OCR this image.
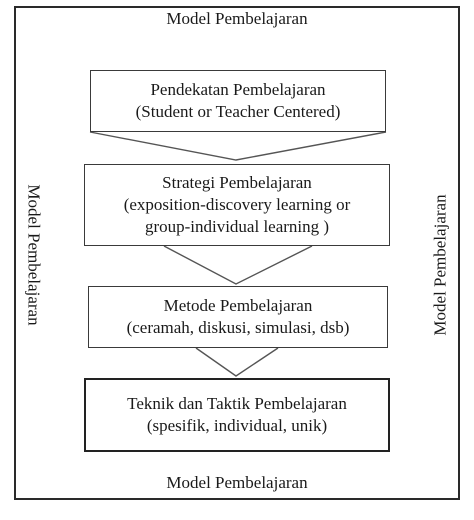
Model Pembelajaran
Model Pembelajaran
Model Pembelajaran	Model Pembelajaran
Pendekatan Pembelajaran
(Student or Teacher Centered)
Strategi Pembelajaran
(exposition-discovery learning or
group-individual learning )
Metode Pembelajaran
(ceramah, diskusi, simulasi, dsb)
Teknik dan Taktik Pembelajaran
(spesifik, individual, unik)
